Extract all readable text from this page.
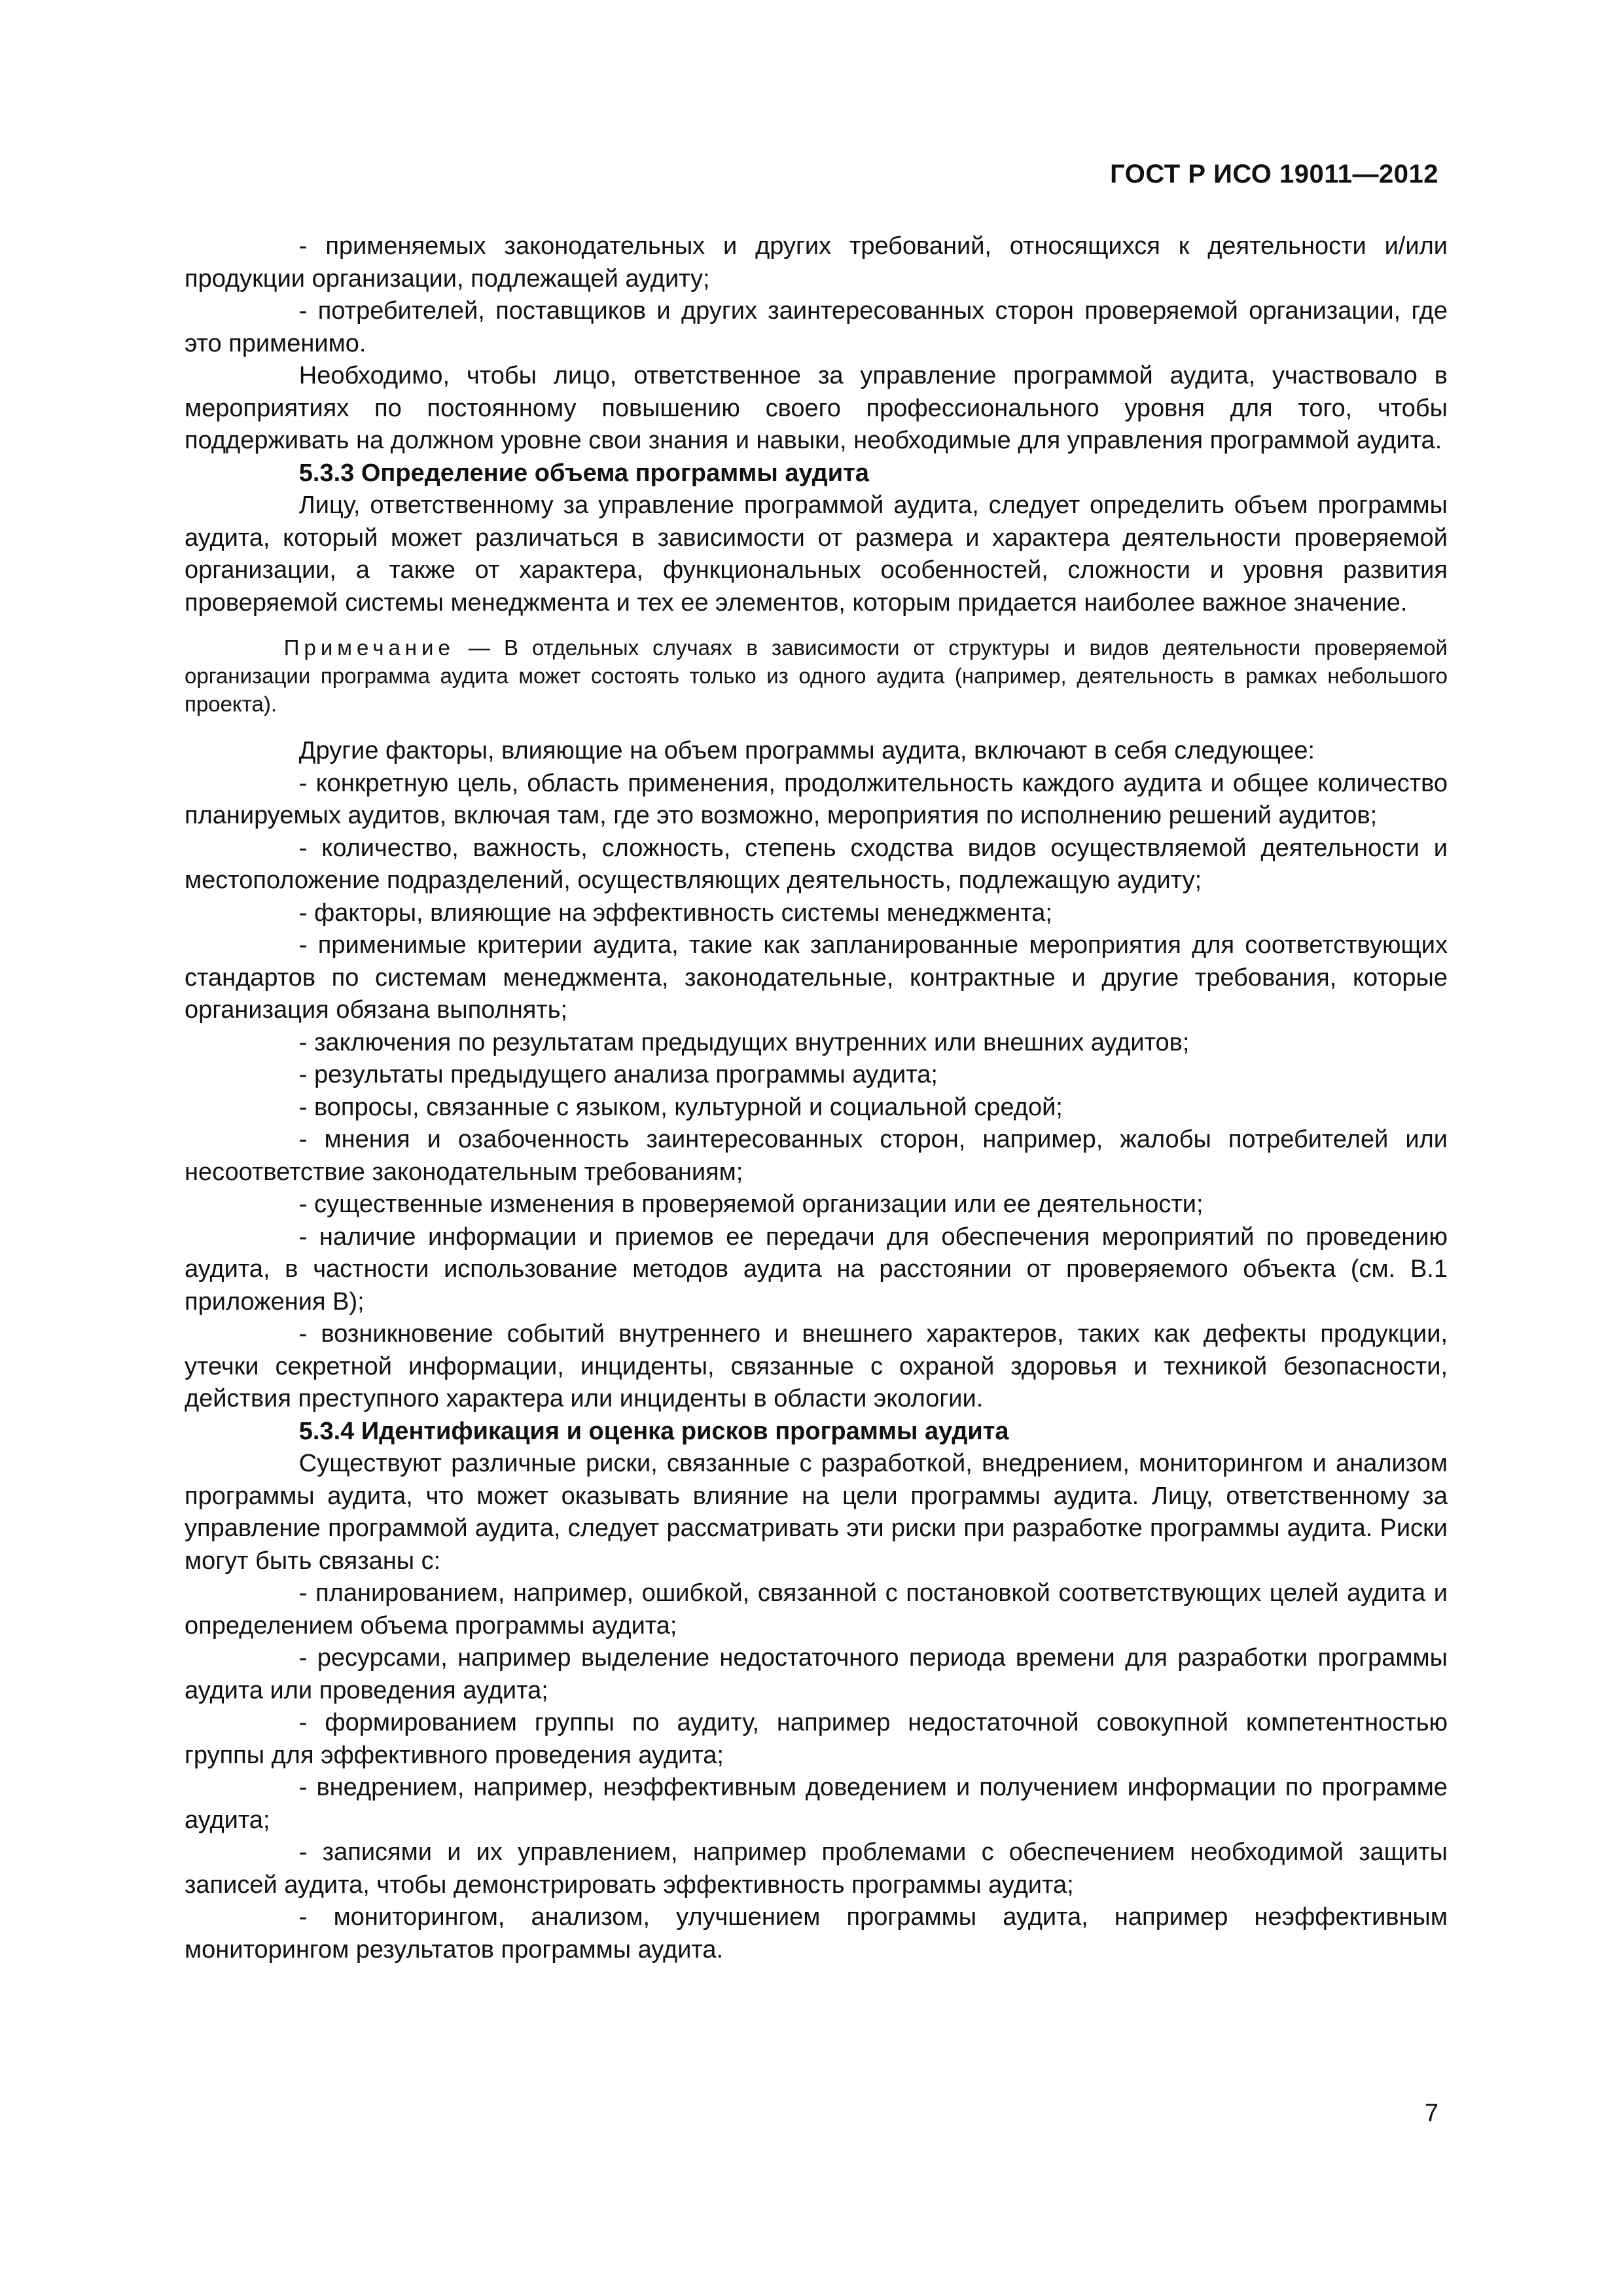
ГОСТ Р ИСО 19011—2012

- применяемых законодательных и других требований, относящихся к деятельности и/или продукции организации, подлежащей аудиту;

- потребителей, поставщиков и других заинтересованных сторон проверяемой организации, где это применимо.

Необходимо, чтобы лицо, ответственное за управление программой аудита, участвовало в мероприятиях по постоянному повышению своего профессионального уровня для того, чтобы поддерживать на должном уровне свои знания и навыки, необходимые для управления программой аудита.

5.3.3 Определение объема программы аудита

Лицу, ответственному за управление программой аудита, следует определить объем программы аудита, который может различаться в зависимости от размера и характера деятельности проверяемой организации, а также от характера, функциональных особенностей, сложности и уровня развития проверяемой системы менеджмента и тех ее элементов, которым придается наиболее важное значение.

Примечание — В отдельных случаях в зависимости от структуры и видов деятельности проверяемой организации программа аудита может состоять только из одного аудита (например, деятельность в рамках небольшого проекта).

Другие факторы, влияющие на объем программы аудита, включают в себя следующее:

- конкретную цель, область применения, продолжительность каждого аудита и общее количество планируемых аудитов, включая там, где это возможно, мероприятия по исполнению решений аудитов;

- количество, важность, сложность, степень сходства видов осуществляемой деятельности и местоположение подразделений, осуществляющих деятельность, подлежащую аудиту;

- факторы, влияющие на эффективность системы менеджмента;

- применимые критерии аудита, такие как запланированные мероприятия для соответствующих стандартов по системам менеджмента, законодательные, контрактные и другие требования, которые организация обязана выполнять;

- заключения по результатам предыдущих внутренних или внешних аудитов;

- результаты предыдущего анализа программы аудита;

- вопросы, связанные с языком, культурной и социальной средой;

- мнения и озабоченность заинтересованных сторон, например, жалобы потребителей или несоответствие законодательным требованиям;

- существенные изменения в проверяемой организации или ее деятельности;

- наличие информации и приемов ее передачи для обеспечения мероприятий по проведению аудита, в частности использование методов аудита на расстоянии от проверяемого объекта (см. В.1 приложения В);

- возникновение событий внутреннего и внешнего характеров, таких как дефекты продукции, утечки секретной информации, инциденты, связанные с охраной здоровья и техникой безопасности, действия преступного характера или инциденты в области экологии.

5.3.4 Идентификация и оценка рисков программы аудита

Существуют различные риски, связанные с разработкой, внедрением, мониторингом и анализом программы аудита, что может оказывать влияние на цели программы аудита. Лицу, ответственному за управление программой аудита, следует рассматривать эти риски при разработке программы аудита. Риски могут быть связаны с:

- планированием, например, ошибкой, связанной с постановкой соответствующих целей аудита и определением объема программы аудита;

- ресурсами, например выделение недостаточного периода времени для разработки программы аудита или проведения аудита;

- формированием группы по аудиту, например недостаточной совокупной компетентностью группы для эффективного проведения аудита;

- внедрением, например, неэффективным доведением и получением информации по программе аудита;

- записями и их управлением, например проблемами с обеспечением необходимой защиты записей аудита, чтобы демонстрировать эффективность программы аудита;

- мониторингом, анализом, улучшением программы аудита, например неэффективным мониторингом результатов программы аудита.

7
